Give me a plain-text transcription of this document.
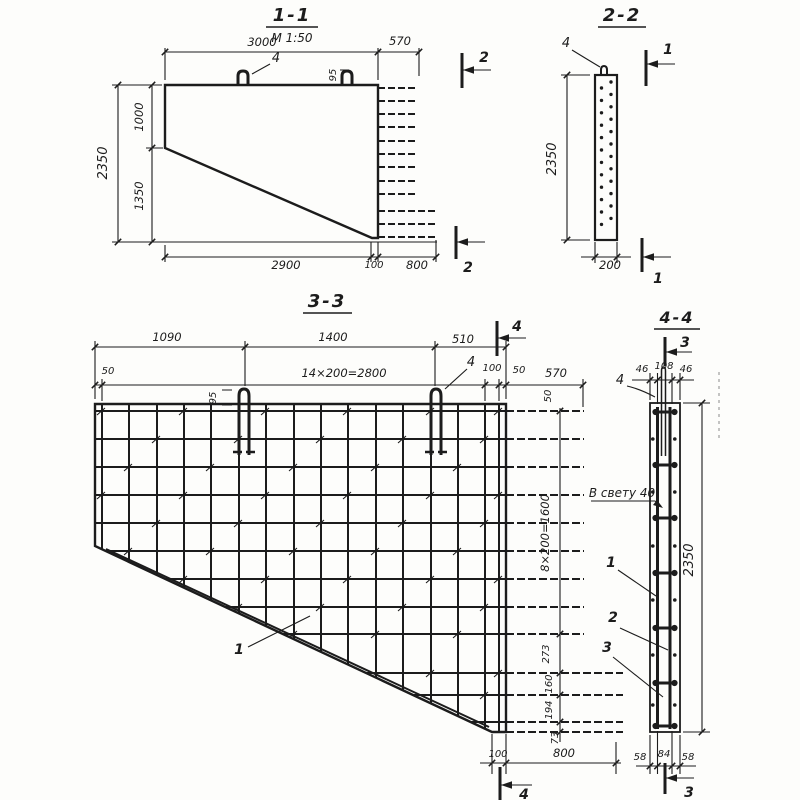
1-1
М 1:50
4
95
3000	570
2350
1000
1350
2900	100 800
2
2
2-2
4
2350
200
1
1
3-3
4
95
1090	1400	510
50	14×200=2800	100 50 570
50
8×200=1600
273
160
194
73
100	800
1
4
4
4-4
3
4
46 108 46
58 84 58
2350
В свету 40
1
2
3
3
